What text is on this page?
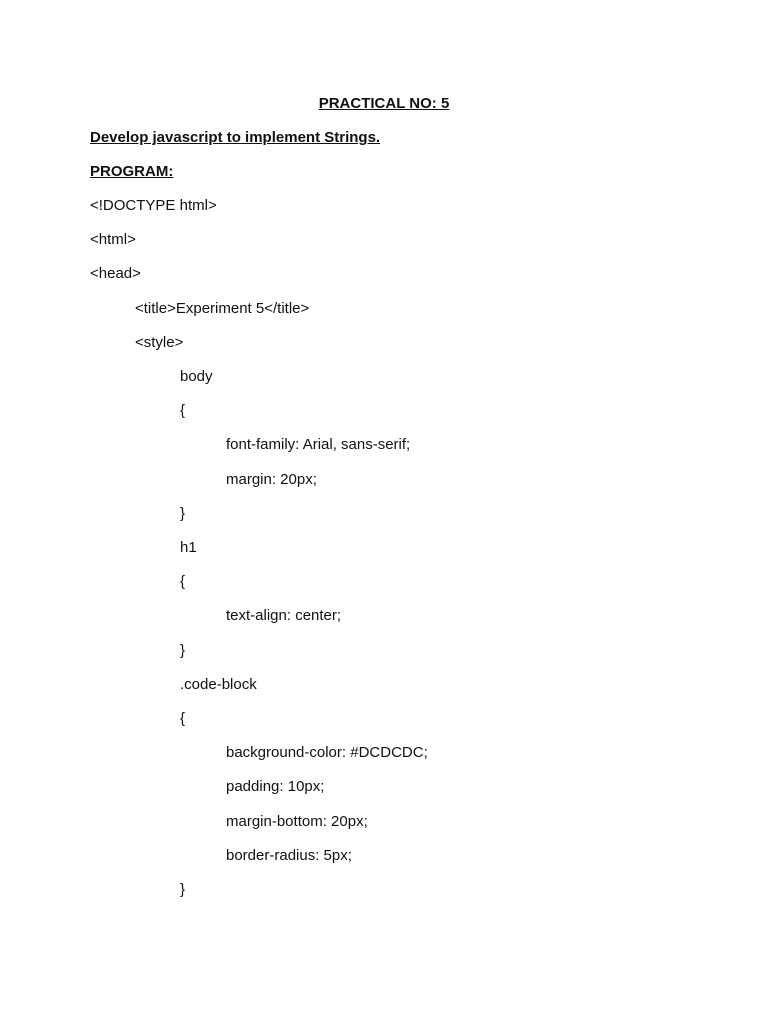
PRACTICAL NO: 5
Develop javascript to implement Strings.
PROGRAM:
<!DOCTYPE html>
<html>
<head>
<title>Experiment 5</title>
<style>
body
{
font-family: Arial, sans-serif;
margin: 20px;
}
h1
{
text-align: center;
}
.code-block
{
background-color: #DCDCDC;
padding: 10px;
margin-bottom: 20px;
border-radius: 5px;
}
